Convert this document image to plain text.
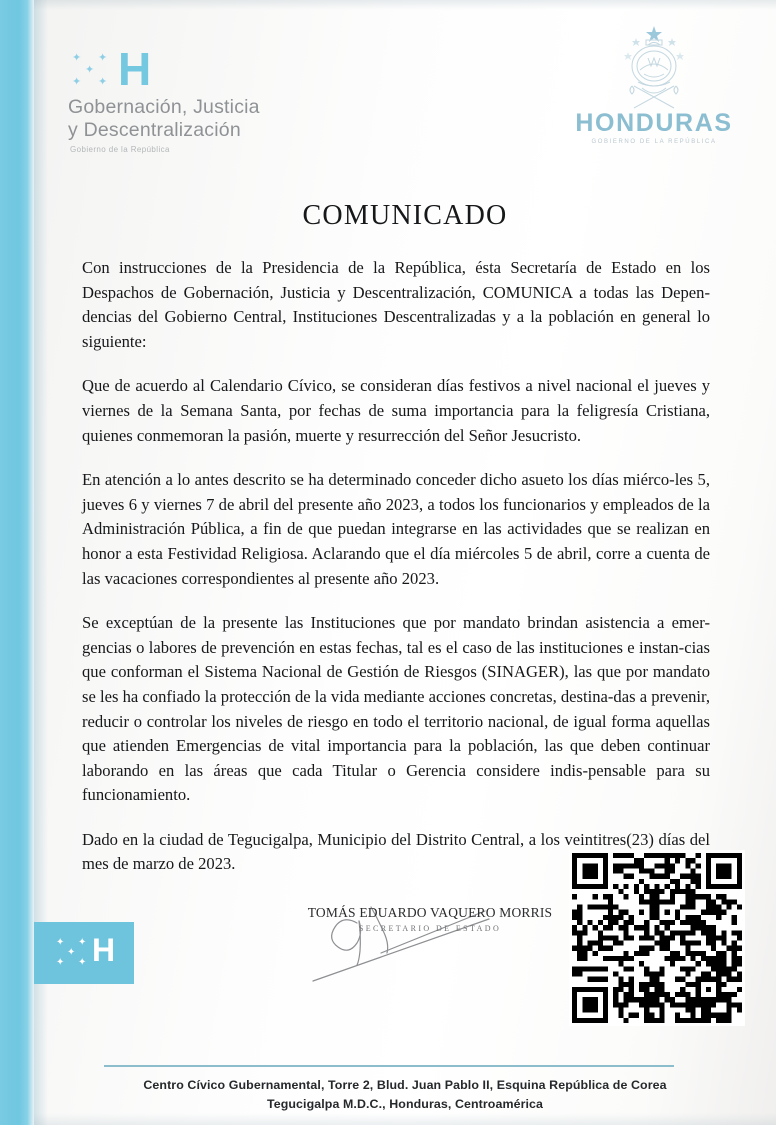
✦ ✦
✦
✦ ✦ H
Gobernación, Justicia
y Descentralización
Gobierno de la República
HONDURAS
GOBIERNO DE LA REPÚBLICA
COMUNICADO

Con instrucciones de la Presidencia de la República, ésta Secretaría de Estado en los Despachos de Gobernación, Justicia y Descentralización, COMUNICA a todas las Depen-dencias del Gobierno Central, Instituciones Descentralizadas y a la población en general lo siguiente:

Que de acuerdo al Calendario Cívico, se consideran días festivos a nivel nacional el jueves y viernes de la Semana Santa, por fechas de suma importancia para la feligresía Cristiana, quienes conmemoran la pasión, muerte y resurrección del Señor Jesucristo.

En atención a lo antes descrito se ha determinado conceder dicho asueto los días miérco-les 5, jueves 6 y viernes 7 de abril del presente año 2023, a todos los funcionarios y empleados de la Administración Pública, a fin de que puedan integrarse en las actividades que se realizan en honor a esta Festividad Religiosa. Aclarando que el día miércoles 5 de abril, corre a cuenta de las vacaciones correspondientes al presente año 2023.

Se exceptúan de la presente las Instituciones que por mandato brindan asistencia a emer-gencias o labores de prevención en estas fechas, tal es el caso de las instituciones e instan-cias que conforman el Sistema Nacional de Gestión de Riesgos (SINAGER), las que por mandato se les ha confiado la protección de la vida mediante acciones concretas, destina-das a prevenir, reducir o controlar los niveles de riesgo en todo el territorio nacional, de igual forma aquellas que atienden Emergencias de vital importancia para la población, las que deben continuar laborando en las áreas que cada Titular o Gerencia considere indis-pensable para su funcionamiento.

Dado en la ciudad de Tegucigalpa, Municipio del Distrito Central, a los veintitres(23) días del mes de marzo de 2023.

TOMÁS EDUARDO VAQUERO MORRIS
SECRETARIO DE ESTADO
✦ ✦
✦
✦ ✦ H
Centro Cívico Gubernamental, Torre 2, Blud. Juan Pablo II, Esquina República de Corea
Tegucigalpa M.D.C., Honduras, Centroamérica
